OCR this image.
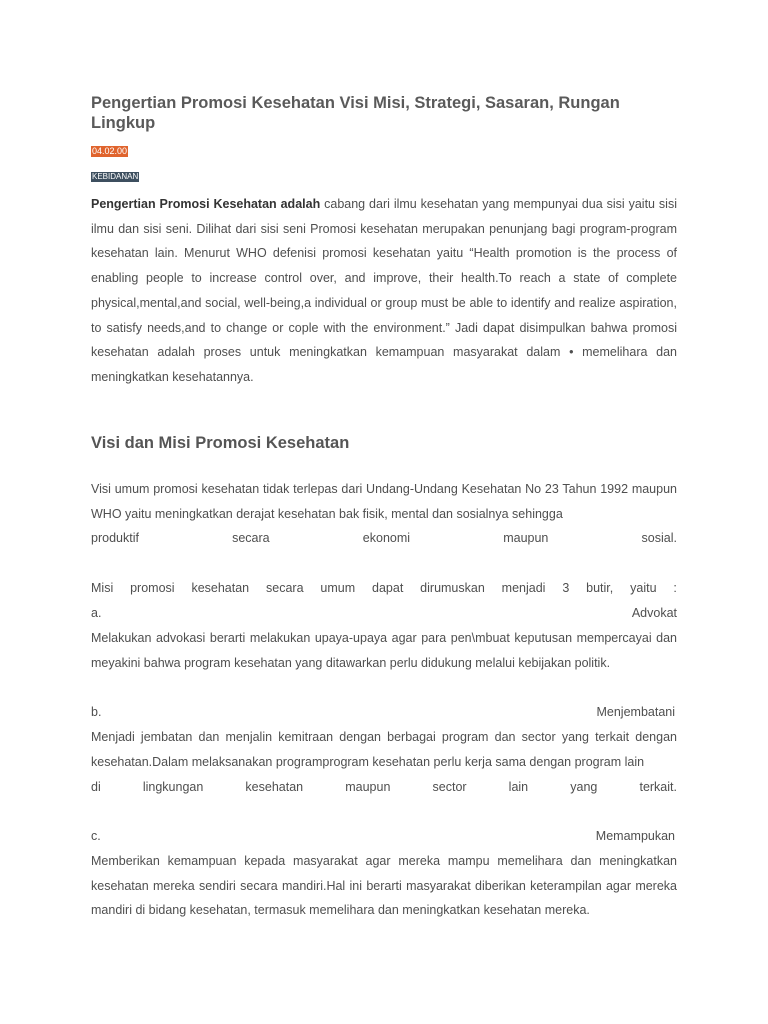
Pengertian Promosi Kesehatan Visi Misi, Strategi, Sasaran, Rungan Lingkup
04.02.00
KEBIDANAN

Pengertian Promosi Kesehatan adalah cabang dari ilmu kesehatan yang mempunyai dua sisi yaitu sisi ilmu dan sisi seni. Dilihat dari sisi seni Promosi kesehatan merupakan penunjang bagi program-program kesehatan lain. Menurut WHO defenisi promosi kesehatan yaitu “Health promotion is the process of enabling people to increase control over, and improve, their health.To reach a state of complete physical,mental,and social, well-being,a individual or group must be able to identify and realize aspiration, to satisfy needs,and to change or cople with the environment.” Jadi dapat disimpulkan bahwa promosi kesehatan adalah proses untuk meningkatkan kemampuan masyarakat dalam • memelihara dan meningkatkan kesehatannya.

Visi dan Misi Promosi Kesehatan

Visi umum promosi kesehatan tidak terlepas dari Undang-Undang Kesehatan No 23 Tahun 1992 maupun WHO yaitu meningkatkan derajat kesehatan bak fisik, mental dan sosialnya sehingga

produktif	secara	ekonomi	maupun	sosial.
Misi promosi kesehatan secara umum dapat dirumuskan menjadi 3 butir, yaitu :
a.	Advokat

Melakukan advokasi berarti melakukan upaya-upaya agar para pen\mbuat keputusan mempercayai dan meyakini bahwa program kesehatan yang ditawarkan perlu didukung melalui kebijakan politik.

b.	Menjembatani

Menjadi jembatan dan menjalin kemitraan dengan berbagai program dan sector yang terkait dengan kesehatan.Dalam melaksanakan programprogram kesehatan perlu kerja sama dengan program lain

di	lingkungan	kesehatan	maupun	sector	lain	yang	terkait.
c.	Memampukan

Memberikan kemampuan kepada masyarakat agar mereka mampu memelihara dan meningkatkan kesehatan mereka sendiri secara mandiri.Hal ini berarti masyarakat diberikan keterampilan agar mereka mandiri di bidang kesehatan, termasuk memelihara dan meningkatkan kesehatan mereka.
